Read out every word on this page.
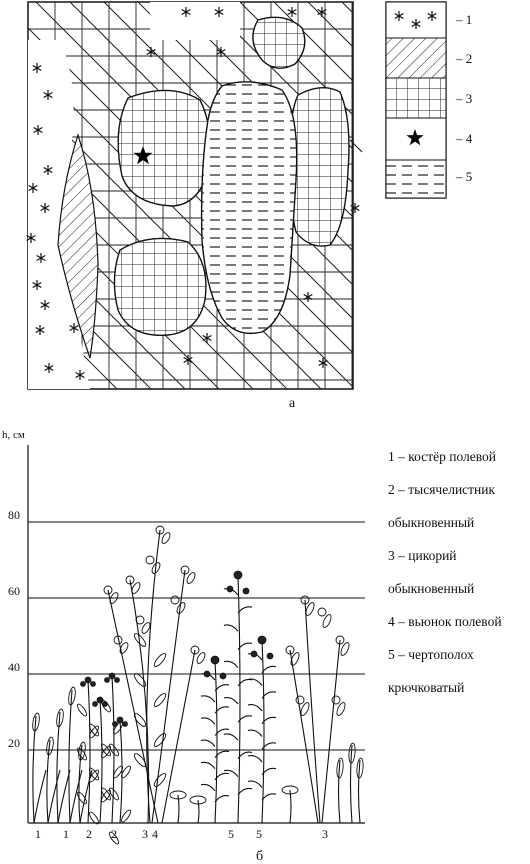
а
– 1
– 2
– 3
– 4
– 5
h, см
20
40
60
80
1 1 2 2 3 4	5 5	3
б
1 – костёр полевой
2 – тысячелистник
обыкновенный
3 – цикорий
обыкновенный
4 – вьюнок полевой
5 – чертополох
крючковатый
